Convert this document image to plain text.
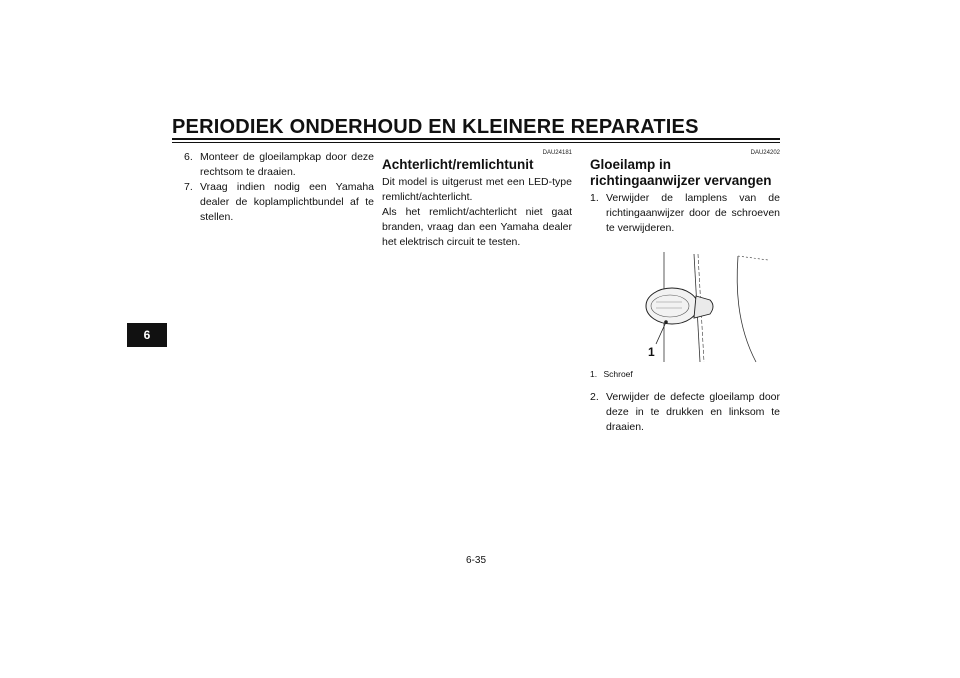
PERIODIEK ONDERHOUD EN KLEINERE REPARATIES
6
6. Monteer de gloeilampkap door deze rechtsom te draaien.
7. Vraag indien nodig een Yamaha dealer de koplamplichtbundel af te stellen.

DAU24181

Achterlicht/remlichtunit

Dit model is uitgerust met een LED-type remlicht/achterlicht.

Als het remlicht/achterlicht niet gaat branden, vraag dan een Yamaha dealer het elektrisch circuit te testen.

DAU24202

Gloeilamp in richtingaanwijzer vervangen
1. Verwijder de lamplens van de richtingaanwijzer door de schroeven te verwijderen.
1
1. Schroef
2. Verwijder de defecte gloeilamp door deze in te drukken en linksom te draaien.
6-35
